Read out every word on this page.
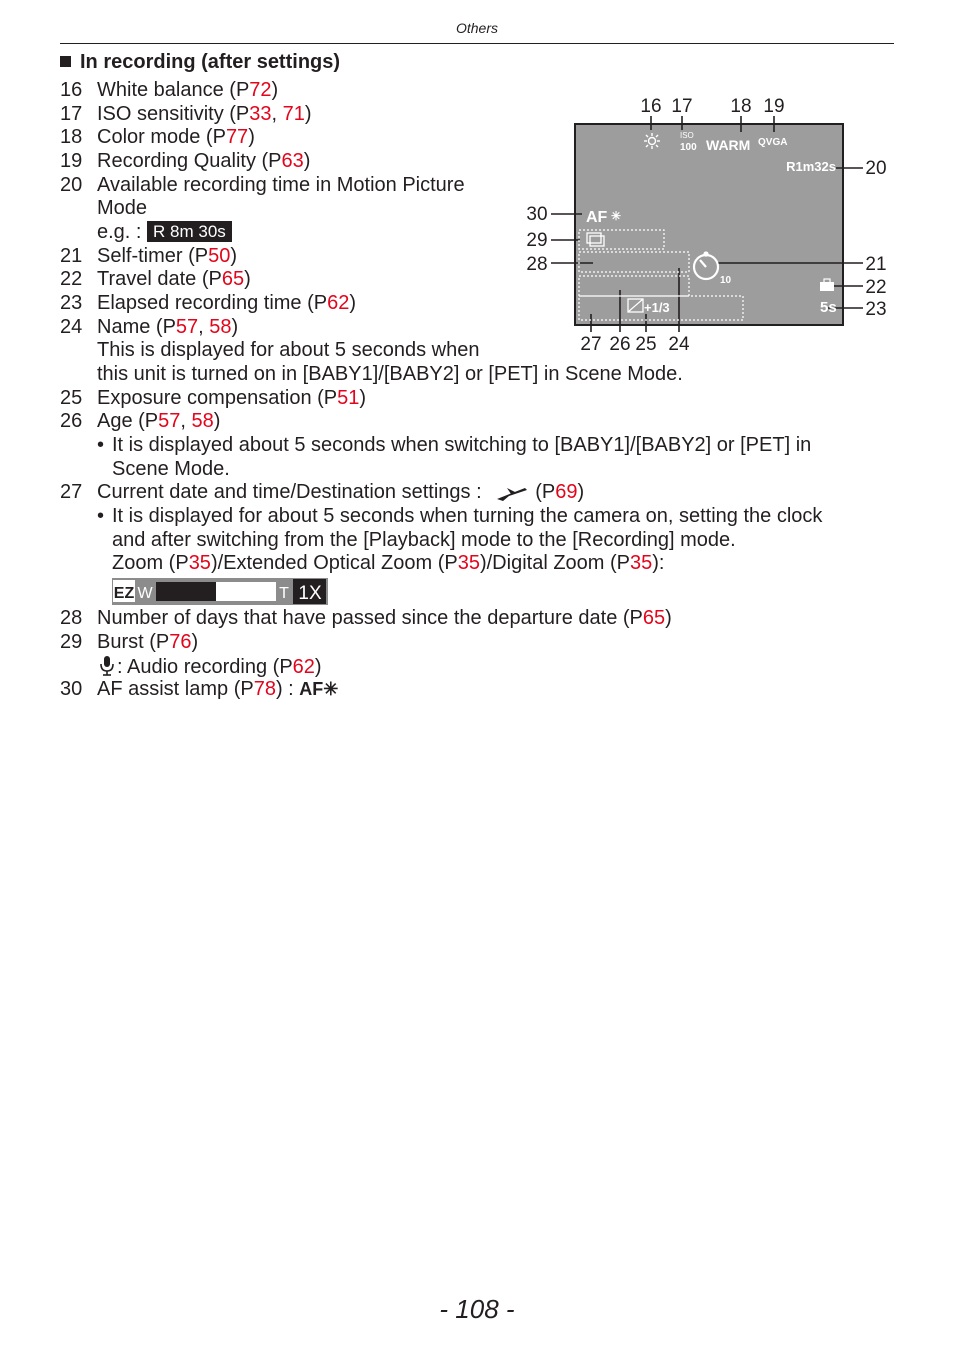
Others
In recording (after settings)
16 White balance (P72)
17 ISO sensitivity (P33, 71)
18 Color mode (P77)
19 Recording Quality (P63)
20 Available recording time in Motion Picture
Mode
e.g. : R 8m 30s
21 Self-timer (P50)
22 Travel date (P65)
23 Elapsed recording time (P62)
24 Name (P57, 58)
This is displayed for about 5 seconds when
this unit is turned on in [BABY1]/[BABY2] or [PET] in Scene Mode.
25 Exposure compensation (P51)
26 Age (P57, 58)
• It is displayed about 5 seconds when switching to [BABY1]/[BABY2] or [PET] in
Scene Mode.
27 Current date and time/Destination settings :	(P69)
• It is displayed for about 5 seconds when turning the camera on, setting the clock
and after switching from the [Playback] mode to the [Recording] mode.
Zoom (P35)/Extended Optical Zoom (P35)/Digital Zoom (P35):
EZ W	T 1X
28 Number of days that have passed since the departure date (P65)
29 Burst (P76)
: Audio recording (P62)
30 AF assist lamp (P78) : AF✳
16 17 18 19
20
21
22
23
24
25
26
27
28
29
30
ISO
100 WARM QVGA
R1m32s
AF ✳
10
5s
+1/3
- 108 -
